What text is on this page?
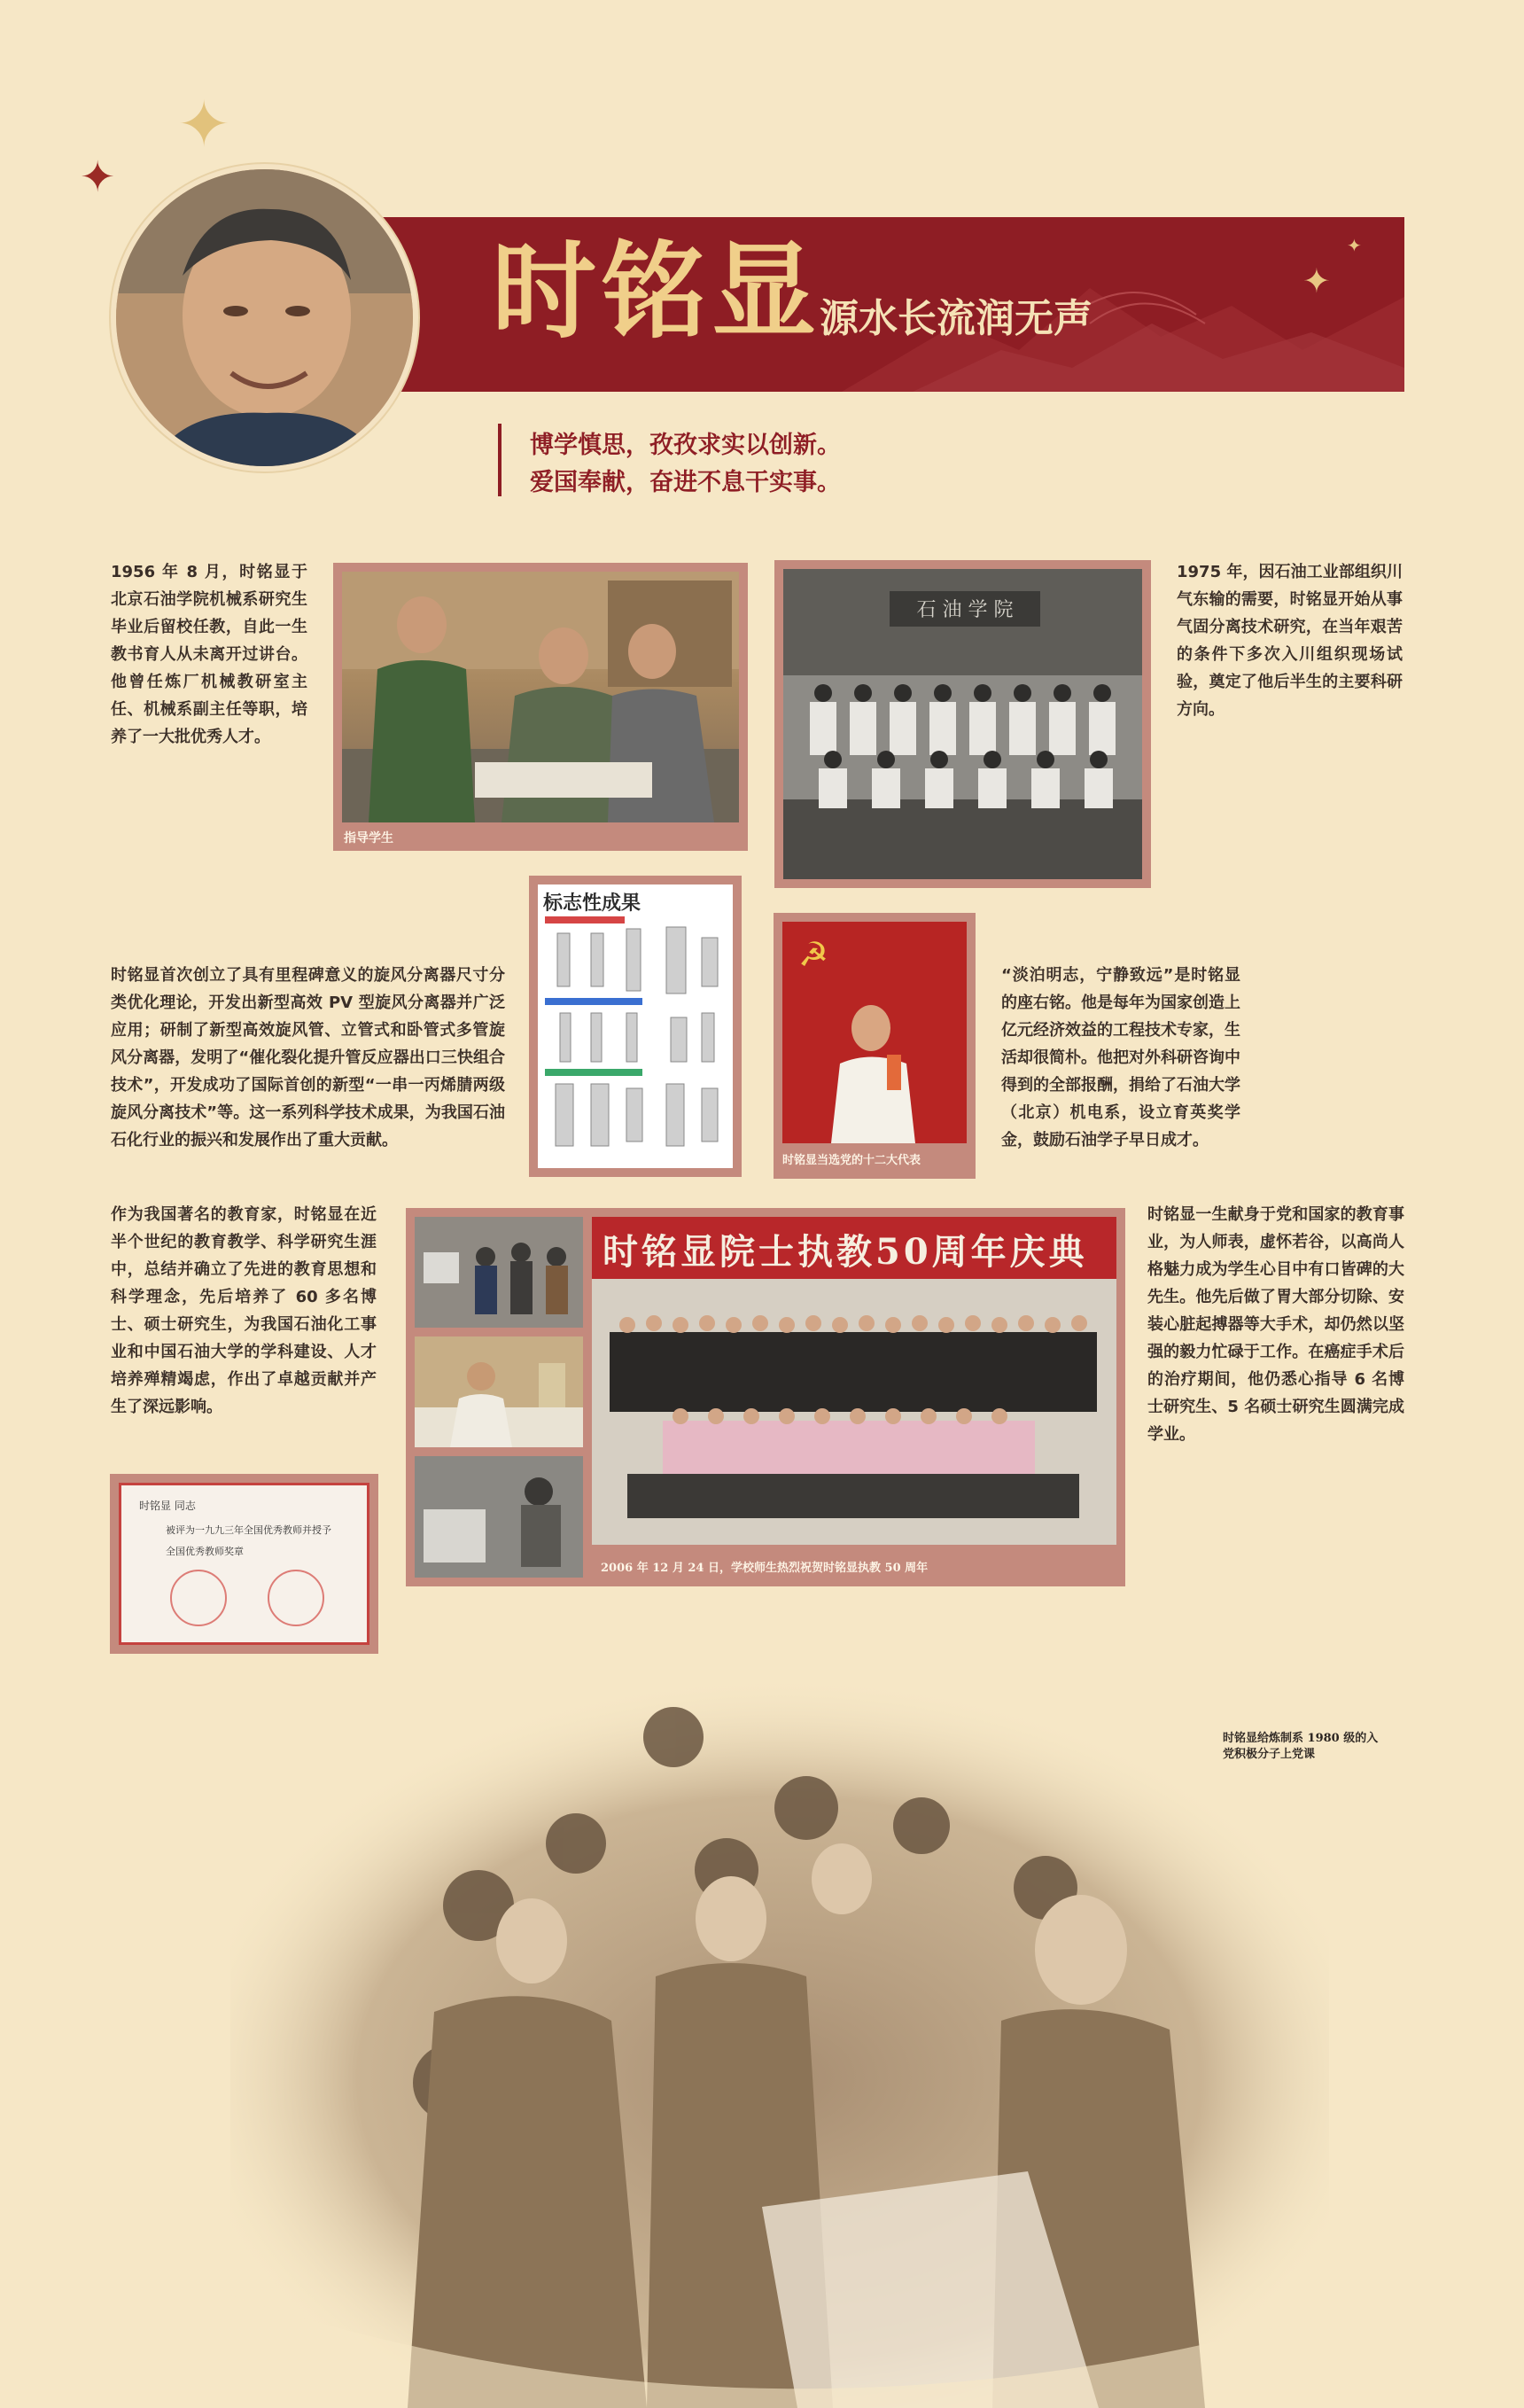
✦
✦
✦
✦
时铭显
源水长流润无声
博学慎思，孜孜求实以创新。
爱国奉献，奋进不息干实事。
1956 年 8 月，时铭显于北京石油学院机械系研究生毕业后留校任教，自此一生教书育人从未离开过讲台。他曾任炼厂机械教研室主任、机械系副主任等职，培养了一大批优秀人才。
指导学生
石 油 学 院
1975 年，因石油工业部组织川气东输的需要，时铭显开始从事气固分离技术研究，在当年艰苦的条件下多次入川组织现场试验，奠定了他后半生的主要科研方向。
标志性成果
☭
时铭显当选党的十二大代表
时铭显首次创立了具有里程碑意义的旋风分离器尺寸分类优化理论，开发出新型高效 PV 型旋风分离器并广泛应用；研制了新型高效旋风管、立管式和卧管式多管旋风分离器，发明了“催化裂化提升管反应器出口三快组合技术”，开发成功了国际首创的新型“一串一丙烯腈两级旋风分离技术”等。这一系列科学技术成果，为我国石油石化行业的振兴和发展作出了重大贡献。
“淡泊明志，宁静致远”是时铭显的座右铭。他是每年为国家创造上亿元经济效益的工程技术专家，生活却很简朴。他把对外科研咨询中得到的全部报酬，捐给了石油大学（北京）机电系，设立育英奖学金，鼓励石油学子早日成才。
作为我国著名的教育家，时铭显在近半个世纪的教育教学、科学研究生涯中，总结并确立了先进的教育思想和科学理念，先后培养了 60 多名博士、硕士研究生，为我国石油化工事业和中国石油大学的学科建设、人才培养殚精竭虑，作出了卓越贡献并产生了深远影响。
时铭显院士执教50周年庆典
2006 年 12 月 24 日，学校师生热烈祝贺时铭显执教 50 周年
时铭显一生献身于党和国家的教育事业，为人师表，虚怀若谷，以高尚人格魅力成为学生心目中有口皆碑的大先生。他先后做了胃大部分切除、安装心脏起搏器等大手术，却仍然以坚强的毅力忙碌于工作。在癌症手术后的治疗期间，他仍悉心指导 6 名博士研究生、5 名硕士研究生圆满完成学业。
时铭显 同志
被评为一九九三年全国优秀教师并授予
全国优秀教师奖章
时铭显给炼制系 1980 级的入党积极分子上党课
